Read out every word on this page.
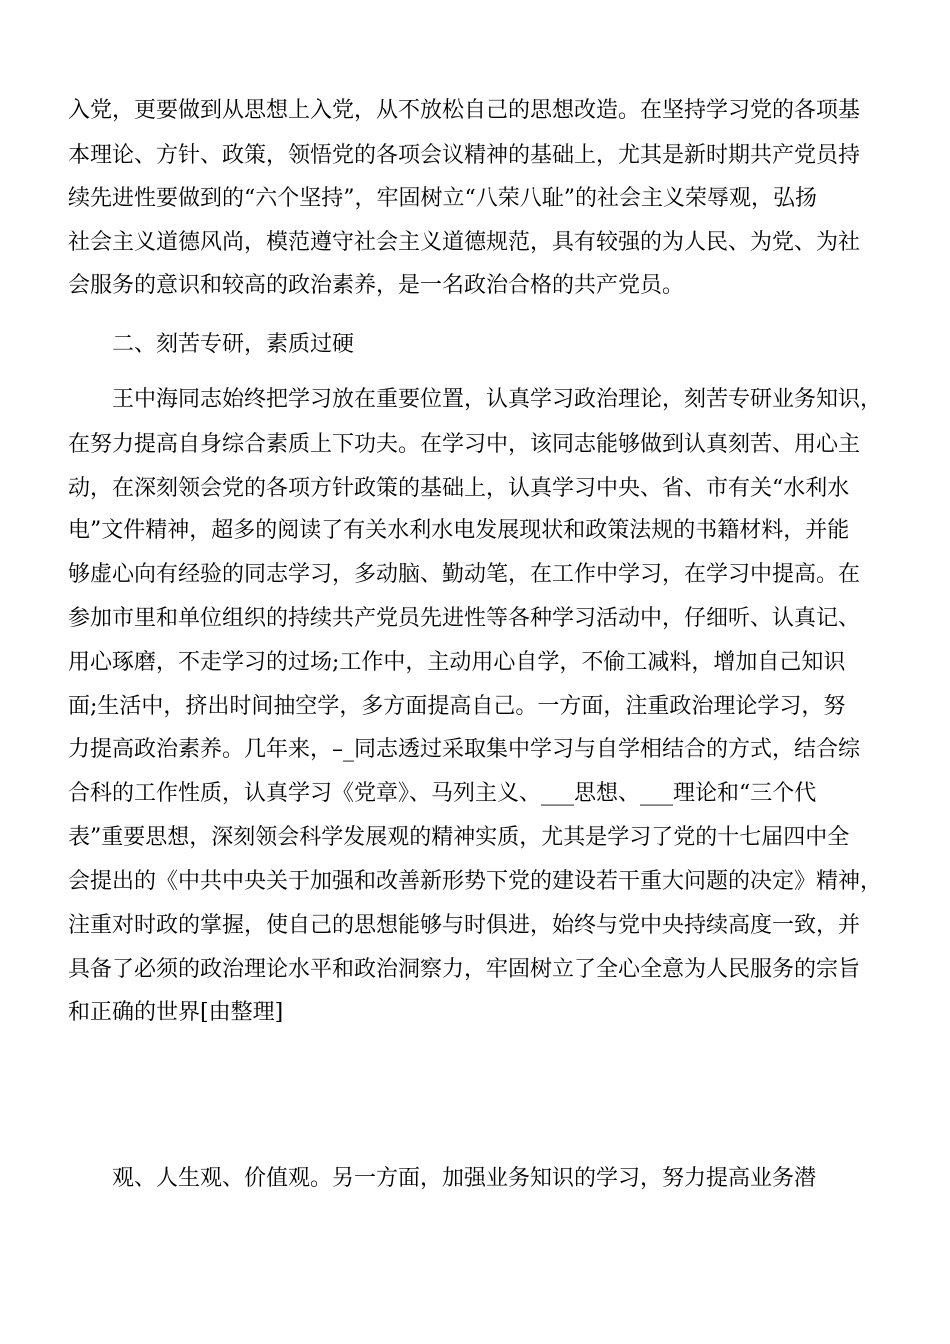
入党，更要做到从思想上入党，从不放松自己的思想改造。在坚持学习党的各项基
本理论、方针、政策，领悟党的各项会议精神的基础上，尤其是新时期共产党员持
续先进性要做到的“六个坚持”，牢固树立“八荣八耻”的社会主义荣辱观，弘扬
社会主义道德风尚，模范遵守社会主义道德规范，具有较强的为人民、为党、为社
会服务的意识和较高的政治素养，是一名政治合格的共产党员。
二、刻苦专研，素质过硬
王中海同志始终把学习放在重要位置，认真学习政治理论，刻苦专研业务知识，
在努力提高自身综合素质上下功夫。在学习中，该同志能够做到认真刻苦、用心主
动，在深刻领会党的各项方针政策的基础上，认真学习中央、省、市有关“水利水
电”文件精神，超多的阅读了有关水利水电发展现状和政策法规的书籍材料，并能
够虚心向有经验的同志学习，多动脑、勤动笔，在工作中学习，在学习中提高。在
参加市里和单位组织的持续共产党员先进性等各种学习活动中，仔细听、认真记、
用心琢磨，不走学习的过场;工作中，主动用心自学，不偷工减料，增加自己知识
面;生活中，挤出时间抽空学，多方面提高自己。一方面，注重政治理论学习，努
力提高政治素养。几年来，–_同志透过采取集中学习与自学相结合的方式，结合综
合科的工作性质，认真学习《党章》、马列主义、___思想、___理论和“三个代
表”重要思想，深刻领会科学发展观的精神实质，尤其是学习了党的十七届四中全
会提出的《中共中央关于加强和改善新形势下党的建设若干重大问题的决定》精神，
注重对时政的掌握，使自己的思想能够与时俱进，始终与党中央持续高度一致，并
具备了必须的政治理论水平和政治洞察力，牢固树立了全心全意为人民服务的宗旨
和正确的世界[由整理]
观、人生观、价值观。另一方面，加强业务知识的学习，努力提高业务潜
